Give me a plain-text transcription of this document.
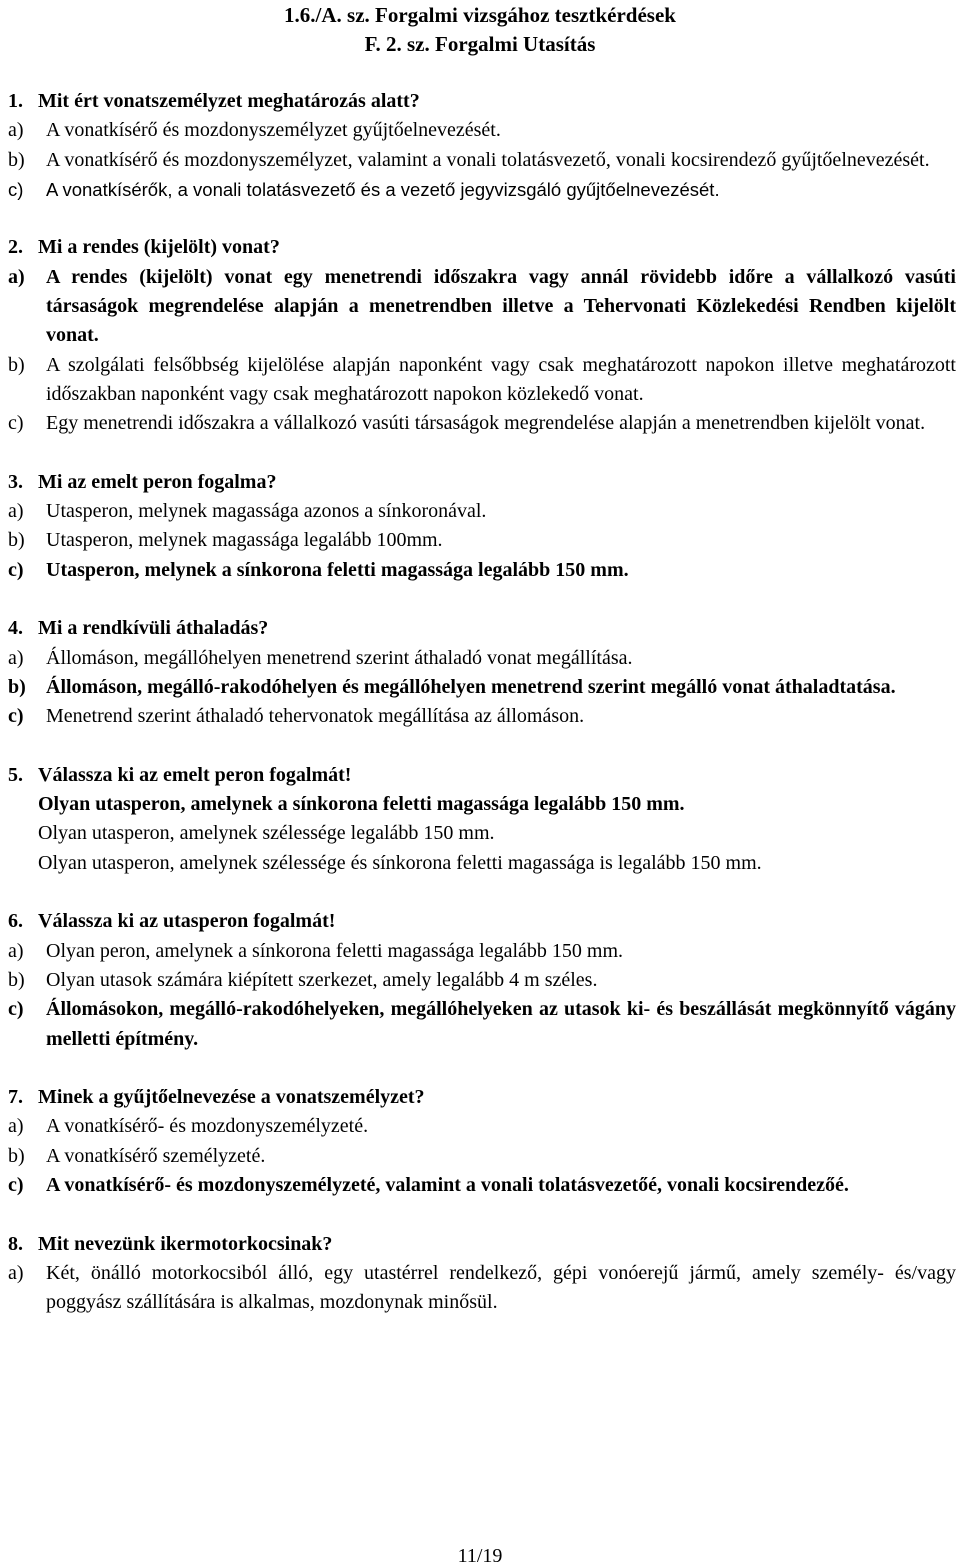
1.6./A. sz. Forgalmi vizsgához tesztkérdések
F. 2. sz. Forgalmi Utasítás
1. Mit ért vonatszemélyzet meghatározás alatt?
a)	A vonatkísérő és mozdonyszemélyzet gyűjtőelnevezését.
b)	A vonatkísérő és mozdonyszemélyzet, valamint a vonali tolatásvezető, vonali kocsirendező gyűjtőelnevezését.
c)	A vonatkísérők, a vonali tolatásvezető és a vezető jegyvizsgáló gyűjtőelnevezését.
2. Mi a rendes (kijelölt) vonat?
a)	A rendes (kijelölt) vonat egy menetrendi időszakra vagy annál rövidebb időre a vállalkozó vasúti társaságok megrendelése alapján a menetrendben illetve a Tehervonati Közlekedési Rendben kijelölt vonat.
b)	A szolgálati felsőbbség kijelölése alapján naponként vagy csak meghatározott napokon illetve meghatározott időszakban naponként vagy csak meghatározott napokon közlekedő vonat.
c)	Egy menetrendi időszakra a vállalkozó vasúti társaságok megrendelése alapján a menetrendben kijelölt vonat.
3. Mi az emelt peron fogalma?
a)	Utasperon, melynek magassága azonos a sínkoronával.
b)	Utasperon, melynek magassága legalább 100mm.
c)	Utasperon, melynek a sínkorona feletti magassága legalább 150 mm.
4. Mi a rendkívüli áthaladás?
a)	Állomáson, megállóhelyen menetrend szerint áthaladó vonat megállítása.
b)	Állomáson, megálló-rakodóhelyen és megállóhelyen menetrend szerint megálló vonat áthaladtatása.
c)	Menetrend szerint áthaladó tehervonatok megállítása az állomáson.
5. Válassza ki az emelt peron fogalmát!
Olyan utasperon, amelynek a sínkorona feletti magassága legalább 150 mm.
Olyan utasperon, amelynek szélessége legalább 150 mm.
Olyan utasperon, amelynek szélessége és sínkorona feletti magassága is legalább 150 mm.
6. Válassza ki az utasperon fogalmát!
a)	Olyan peron, amelynek a sínkorona feletti magassága legalább 150 mm.
b)	Olyan utasok számára kiépített szerkezet, amely legalább 4 m széles.
c)	Állomásokon, megálló-rakodóhelyeken, megállóhelyeken az utasok ki- és beszállását megkönnyítő vágány melletti építmény.
7. Minek a gyűjtőelnevezése a vonatszemélyzet?
a)	A vonatkísérő- és mozdonyszemélyzeté.
b)	A vonatkísérő személyzeté.
c)	A vonatkísérő- és mozdonyszemélyzeté, valamint a vonali tolatásvezetőé, vonali kocsirendezőé.
8. Mit nevezünk ikermotorkocsinak?
a)	Két, önálló motorkocsiból álló, egy utastérrel rendelkező, gépi vonóerejű jármű, amely személy- és/vagy poggyász szállítására is alkalmas, mozdonynak minősül.
11/19
